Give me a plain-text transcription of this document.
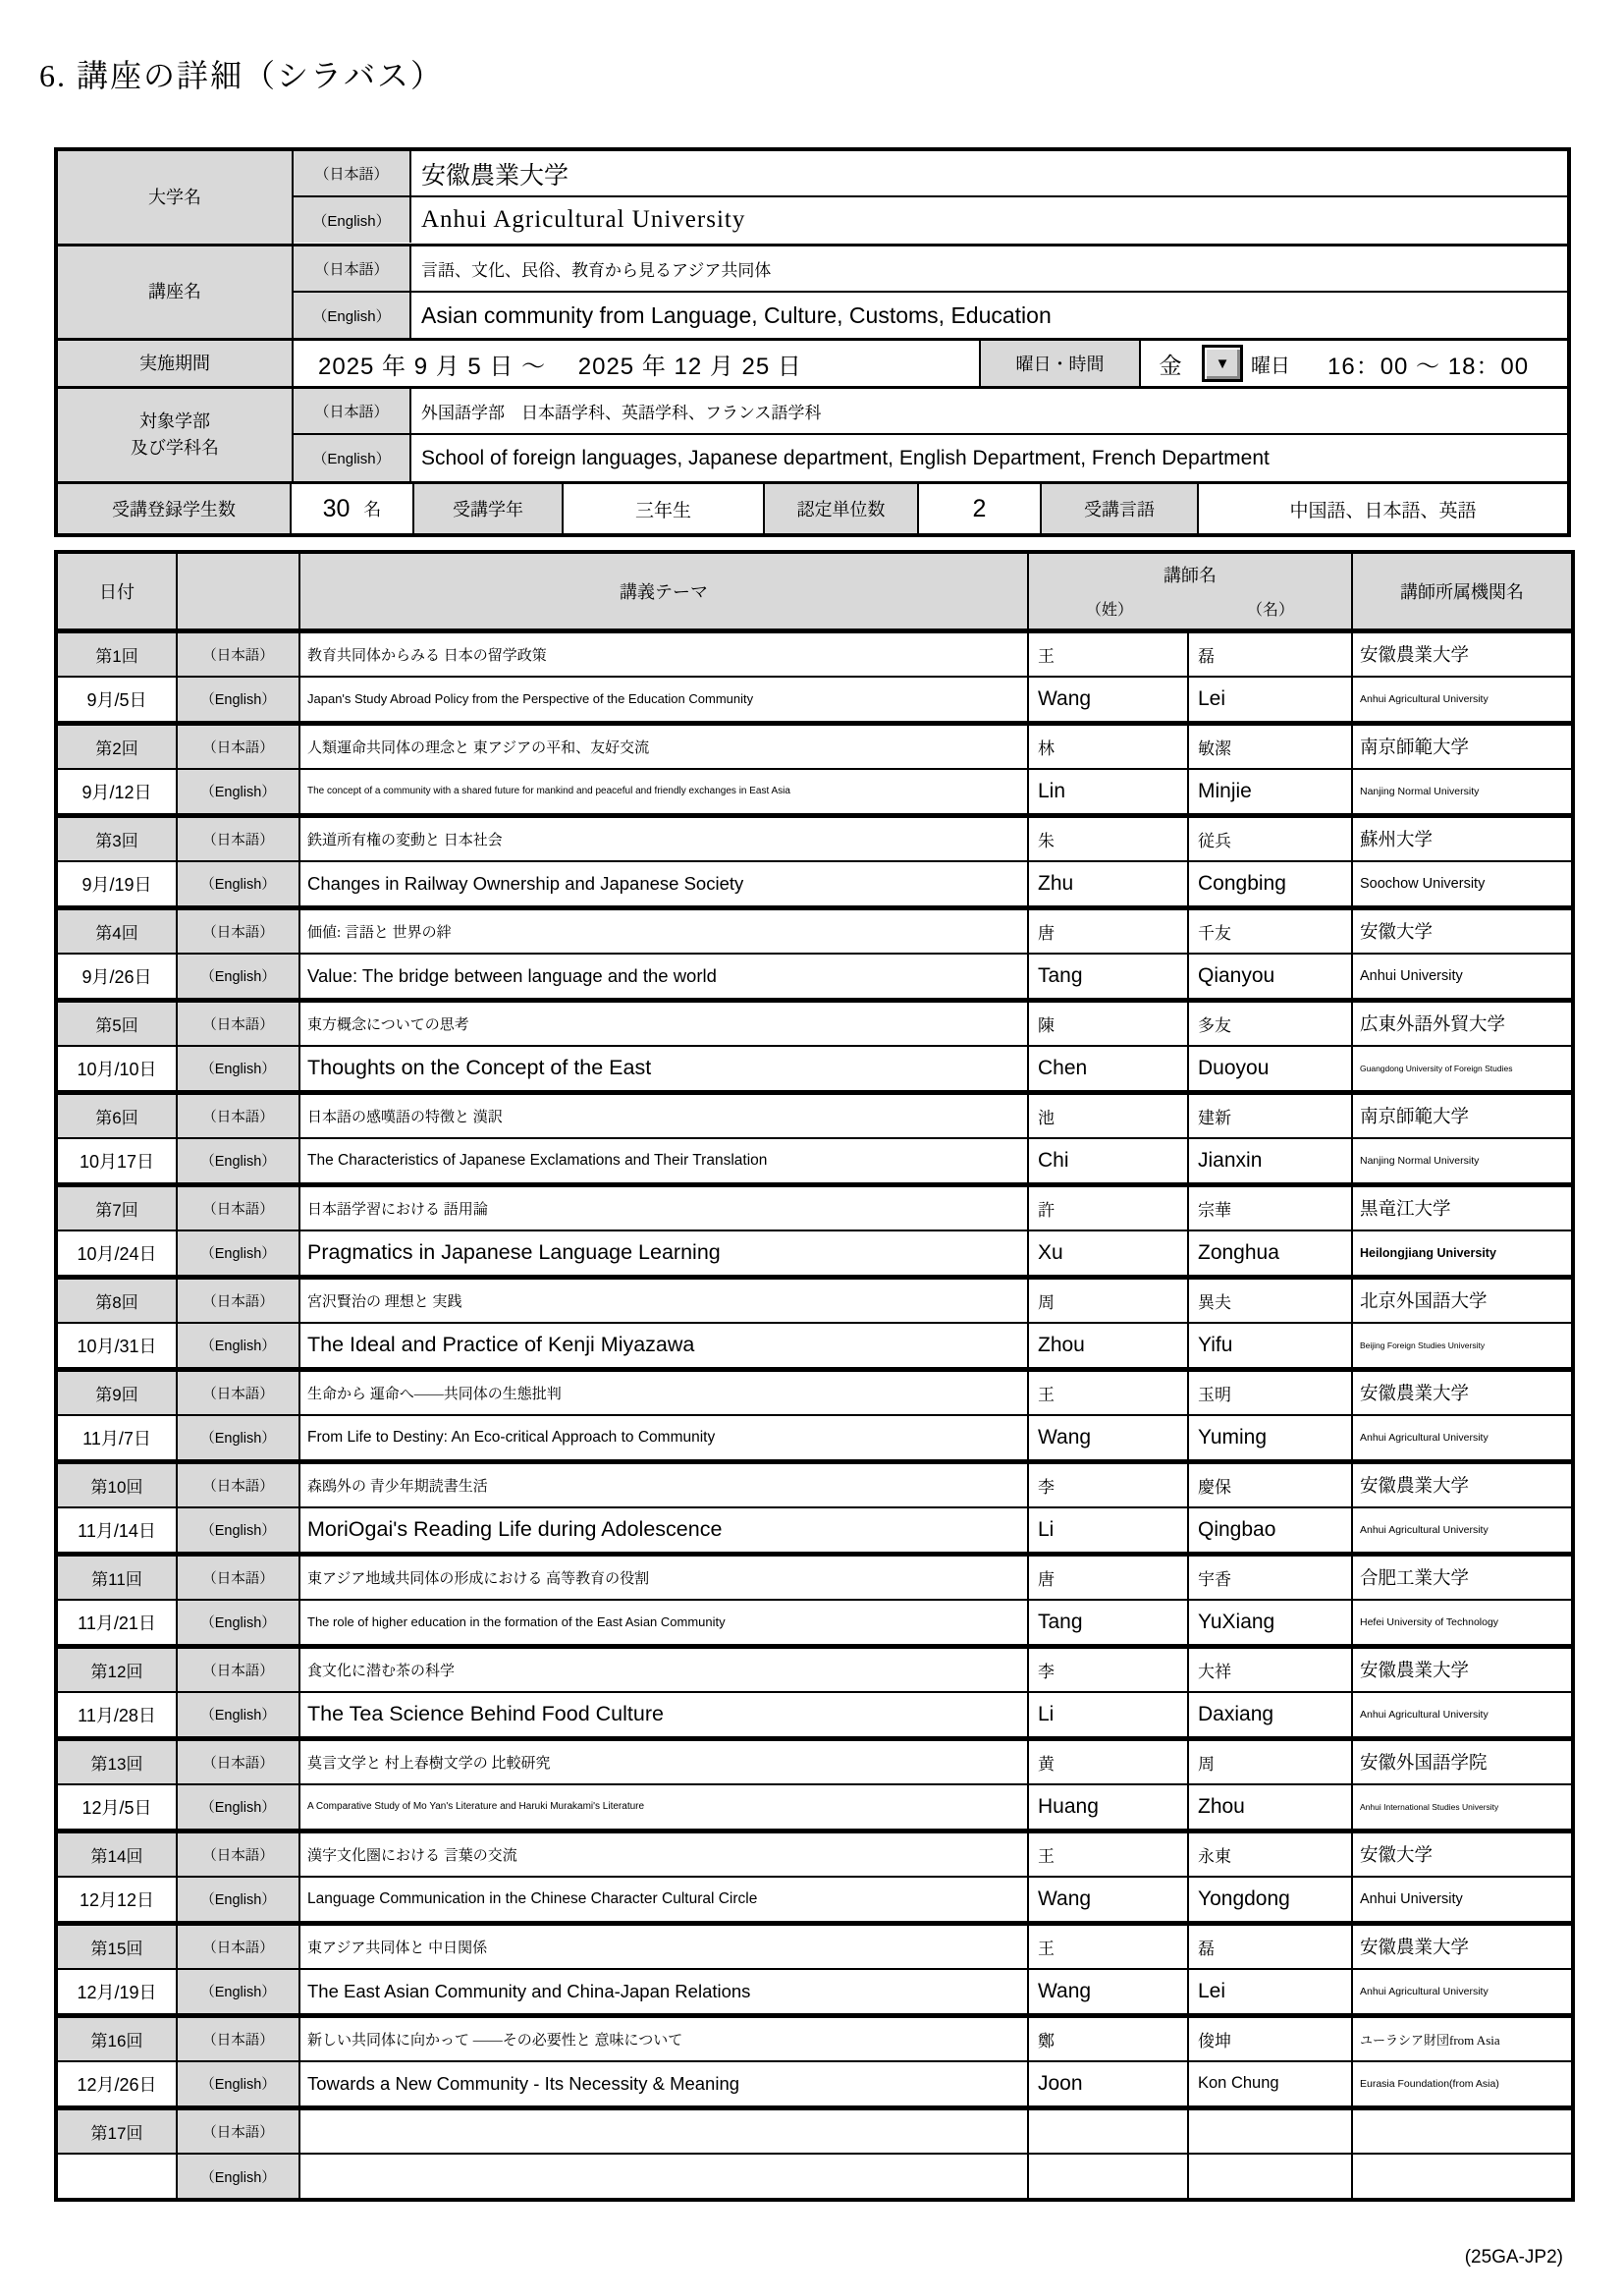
6. 講座の詳細（シラバス）
大学名
（日本語）	安徽農業大学
（English）	Anhui Agricultural University
講座名
（日本語）	言語、文化、民俗、教育から見るアジア共同体
（English）	Asian community from Language, Culture, Customs, Education
実施期間	2025 年 9 月 5 日 ～　 2025 年 12 月 25 日	曜日・時間	金	▼ 曜日 16：00 ～ 18：00
対象学部
及び学科名
（日本語）	外国語学部　日本語学科、英語学科、フランス語学科
（English）	School of foreign languages, Japanese department, English Department, French Department
受講登録学生数	30 名	受講学年	三年生	認定単位数	2	受講言語	中国語、日本語、英語
日付		講義テーマ	講師名
（姓） （名）		講師所属機関名
第1回	（日本語）	教育共同体からみる 日本の留学政策	王	磊	安徽農業大学
9月/5日	（English）	Japan's Study Abroad Policy from the Perspective of the Education Community	Wang	Lei	Anhui Agricultural University
第2回	（日本語）	人類運命共同体の理念と 東アジアの平和、友好交流	林	敏潔	南京師範大学
9月/12日	（English）	The concept of a community with a shared future for mankind and peaceful and friendly exchanges in East Asia	Lin	Minjie	Nanjing Normal University
第3回	（日本語）	鉄道所有権の変動と 日本社会	朱	従兵	蘇州大学
9月/19日	（English）	Changes in Railway Ownership and Japanese Society	Zhu	Congbing	Soochow University
第4回	（日本語）	価値: 言語と 世界の絆	唐	千友	安徽大学
9月/26日	（English）	Value: The bridge between language and the world	Tang	Qianyou	Anhui University
第5回	（日本語）	東方概念についての思考	陳	多友	広東外語外貿大学
10月/10日	（English）	Thoughts on the Concept of the East	Chen	Duoyou	Guangdong University of Foreign Studies
第6回	（日本語）	日本語の感嘆語の特徴と 漢訳	池	建新	南京師範大学
10月17日	（English）	The Characteristics of Japanese Exclamations and Their Translation	Chi	Jianxin	Nanjing Normal University
第7回	（日本語）	日本語学習における 語用論	許	宗華	黒竜江大学
10月/24日	（English）	Pragmatics in Japanese Language Learning	Xu	Zonghua	Heilongjiang University
第8回	（日本語）	宮沢賢治の 理想と 実践	周	異夫	北京外国語大学
10月/31日	（English）	The Ideal and Practice of Kenji Miyazawa	Zhou	Yifu	Beijing Foreign Studies University
第9回	（日本語）	生命から 運命へ――共同体の生態批判	王	玉明	安徽農業大学
11月/7日	（English）	From Life to Destiny: An Eco-critical Approach to Community	Wang	Yuming	Anhui Agricultural University
第10回	（日本語）	森鴎外の 青少年期読書生活	李	慶保	安徽農業大学
11月/14日	（English）	MoriOgai's Reading Life during Adolescence	Li	Qingbao	Anhui Agricultural University
第11回	（日本語）	東アジア地域共同体の形成における 高等教育の役割	唐	宇香	合肥工業大学
11月/21日	（English）	The role of higher education in the formation of the East Asian Community	Tang	YuXiang	Hefei University of Technology
第12回	（日本語）	食文化に潜む茶の科学	李	大祥	安徽農業大学
11月/28日	（English）	The Tea Science Behind Food Culture	Li	Daxiang	Anhui Agricultural University
第13回	（日本語）	莫言文学と 村上春樹文学の 比較研究	黄	周	安徽外国語学院
12月/5日	（English）	A Comparative Study of Mo Yan's Literature and Haruki Murakami's Literature	Huang	Zhou	Anhui International Studies University
第14回	（日本語）	漢字文化圏における 言葉の交流	王	永東	安徽大学
12月12日	（English）	Language Communication in the Chinese Character Cultural Circle	Wang	Yongdong	Anhui University
第15回	（日本語）	東アジア共同体と 中日関係	王	磊	安徽農業大学
12月/19日	（English）	The East Asian Community and China-Japan Relations	Wang	Lei	Anhui Agricultural University
第16回	（日本語）	新しい共同体に向かって ――その必要性と 意味について	鄭	俊坤	ユーラシア財団from Asia
12月/26日	（English）	Towards a New Community - Its Necessity & Meaning	Joon	Kon Chung	Eurasia Foundation(from Asia)
第17回	（日本語）				
	（English）				
(25GA-JP2)
